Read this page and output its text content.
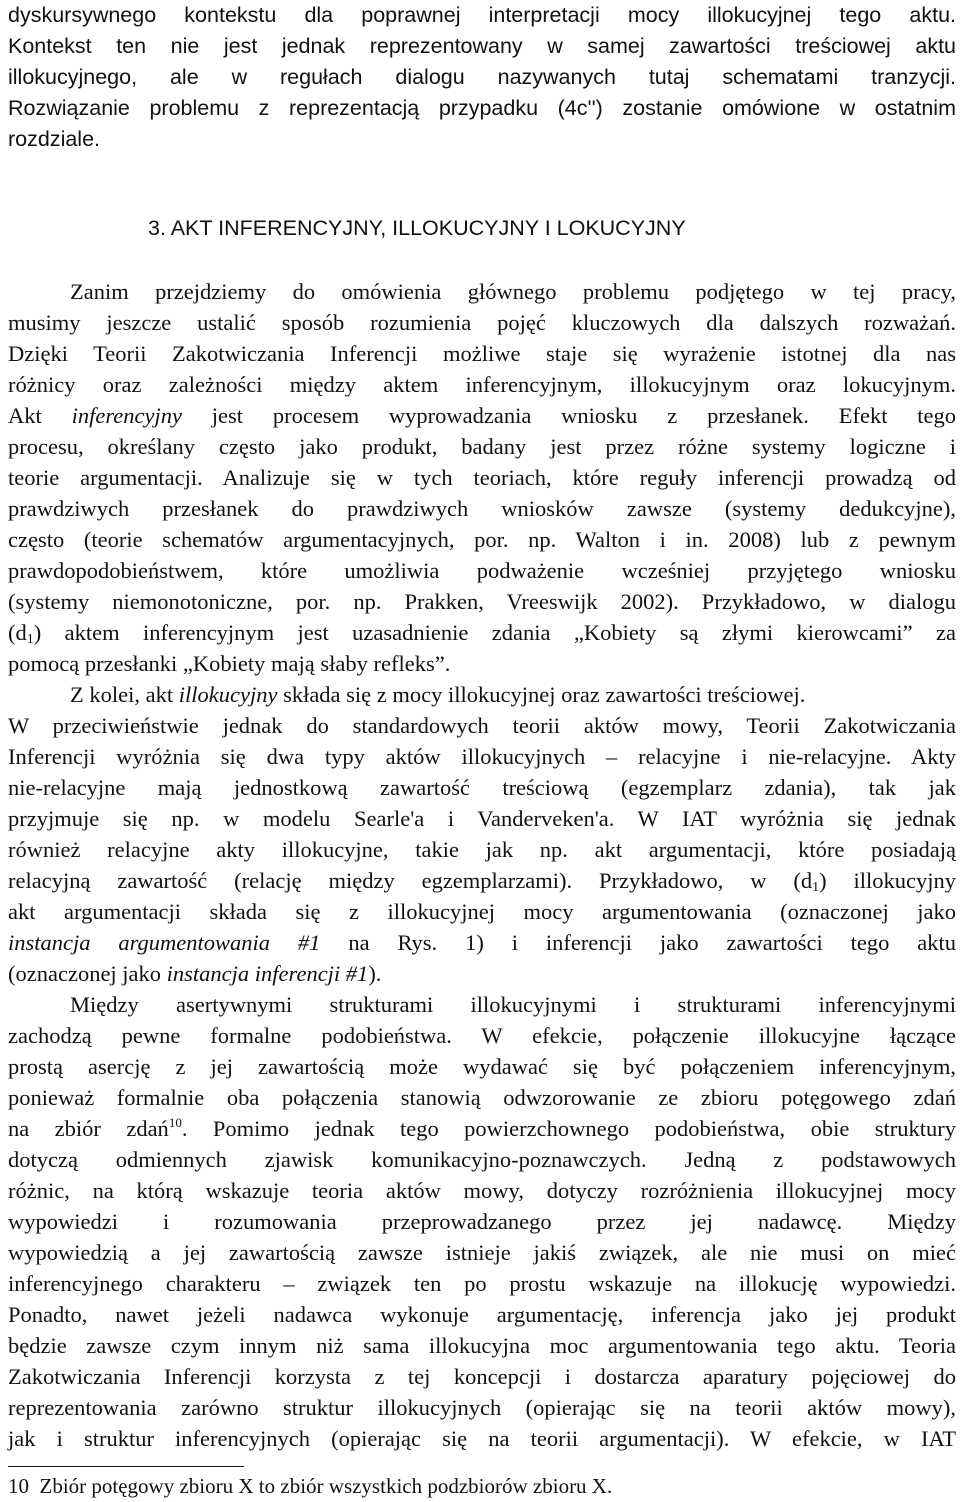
dyskursywnego kontekstu dla poprawnej interpretacji mocy illokucyjnej tego aktu.
Kontekst ten nie jest jednak reprezentowany w samej zawartości treściowej aktu
illokucyjnego, ale w regułach dialogu nazywanych tutaj schematami tranzycji.
Rozwiązanie problemu z reprezentacją przypadku (4c'') zostanie omówione w ostatnim
rozdziale.
3. AKT INFERENCYJNY, ILLOKUCYJNY I LOKUCYJNY
Zanim przejdziemy do omówienia głównego problemu podjętego w tej pracy,
musimy jeszcze ustalić sposób rozumienia pojęć kluczowych dla dalszych rozważań.
Dzięki Teorii Zakotwiczania Inferencji możliwe staje się wyrażenie istotnej dla nas
różnicy oraz zależności między aktem inferencyjnym, illokucyjnym oraz lokucyjnym.
Akt inferencyjny jest procesem wyprowadzania wniosku z przesłanek. Efekt tego
procesu, określany często jako produkt, badany jest przez różne systemy logiczne i
teorie argumentacji. Analizuje się w tych teoriach, które reguły inferencji prowadzą od
prawdziwych przesłanek do prawdziwych wniosków zawsze (systemy dedukcyjne),
często (teorie schematów argumentacyjnych, por. np. Walton i in. 2008) lub z pewnym
prawdopodobieństwem, które umożliwia podważenie wcześniej przyjętego wniosku
(systemy niemonotoniczne, por. np. Prakken, Vreeswijk 2002). Przykładowo, w dialogu
$(d_1)$ aktem inferencyjnym jest uzasadnienie zdania „Kobiety są złymi kierowcami” za
pomocą przesłanki „Kobiety mają słaby refleks”.
Z kolei, akt illokucyjny składa się z mocy illokucyjnej oraz zawartości treściowej.
W przeciwieństwie jednak do standardowych teorii aktów mowy, Teorii Zakotwiczania
Inferencji wyróżnia się dwa typy aktów illokucyjnych – relacyjne i nie-relacyjne. Akty
nie-relacyjne mają jednostkową zawartość treściową (egzemplarz zdania), tak jak
przyjmuje się np. w modelu Searle'a i Vanderveken'a. W IAT wyróżnia się jednak
również relacyjne akty illokucyjne, takie jak np. akt argumentacji, które posiadają
relacyjną zawartość (relację między egzemplarzami). Przykładowo, w $(d_1)$ illokucyjny
akt argumentacji składa się z illokucyjnej mocy argumentowania (oznaczonej jako
instancja argumentowania #1 na Rys. 1) i inferencji jako zawartości tego aktu
(oznaczonej jako instancja inferencji #1).
Między asertywnymi strukturami illokucyjnymi i strukturami inferencyjnymi
zachodzą pewne formalne podobieństwa. W efekcie, połączenie illokucyjne łączące
prostą asercję z jej zawartością może wydawać się być połączeniem inferencyjnym,
ponieważ formalnie oba połączenia stanowią odwzorowanie ze zbioru potęgowego zdań
na zbiór zdań$^{10}$. Pomimo jednak tego powierzchownego podobieństwa, obie struktury
dotyczą odmiennych zjawisk komunikacyjno-poznawczych. Jedną z podstawowych
różnic, na którą wskazuje teoria aktów mowy, dotyczy rozróżnienia illokucyjnej mocy
wypowiedzi i rozumowania przeprowadzanego przez jej nadawcę. Między
wypowiedzią a jej zawartością zawsze istnieje jakiś związek, ale nie musi on mieć
inferencyjnego charakteru – związek ten po prostu wskazuje na illokucję wypowiedzi.
Ponadto, nawet jeżeli nadawca wykonuje argumentację, inferencja jako jej produkt
będzie zawsze czym innym niż sama illokucyjna moc argumentowania tego aktu. Teoria
Zakotwiczania Inferencji korzysta z tej koncepcji i dostarcza aparatury pojęciowej do
reprezentowania zarówno struktur illokucyjnych (opierając się na teorii aktów mowy),
jak i struktur inferencyjnych (opierając się na teorii argumentacji). W efekcie, w IAT
10 Zbiór potęgowy zbioru X to zbiór wszystkich podzbiorów zbioru X.
